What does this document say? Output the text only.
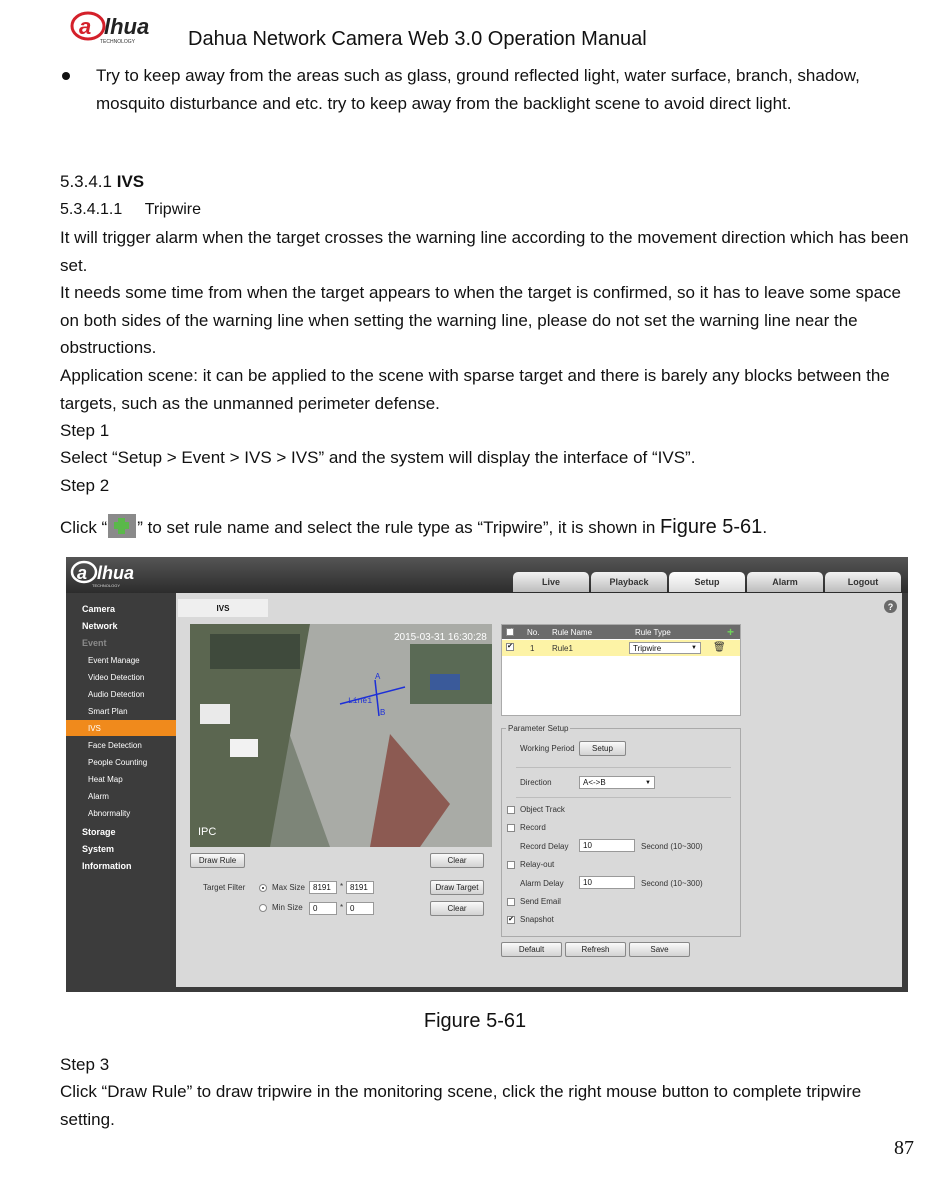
a lhua
TECHNOLOGY	Dahua Network Camera Web 3.0 Operation Manual
Try to keep away from the areas such as glass, ground reflected light, water surface, branch, shadow, mosquito disturbance and etc. try to keep away from the backlight scene to avoid direct light.
5.3.4.1 IVS
5.3.4.1.1 Tripwire
It will trigger alarm when the target crosses the warning line according to the movement direction which has been set.
It needs some time from when the target appears to when the target is confirmed, so it has to leave some space on both sides of the warning line when setting the warning line, please do not set the warning line near the obstructions.
Application scene: it can be applied to the scene with sparse target and there is barely any blocks between the targets, such as the unmanned perimeter defense.
Step 1
Select “Setup > Event > IVS > IVS” and the system will display the interface of “IVS”.
Step 2
Click “ ” to set rule name and select the rule type as “Tripwire”, it is shown in Figure 5-61.
a lhua
TECHNOLOGY	Live	Playback	Setup	Alarm	Logout
Camera
Network
Event
Event Manage
Video Detection
Audio Detection
Smart Plan
IVS
Face Detection
People Counting
Heat Map
Alarm
Abnormality
Storage
System
Information
IVS	?
2015-03-31 16:30:28
IPC
Line1
A
B
Draw Rule	Clear
Target Filter	Max Size	8191	* 8191
Min Size	0	* 0
Draw Target
Clear
✔ No. Rule Name	Rule Type	+
✔ 1 Rule1	Tripwire	▼ 🗑
Parameter Setup
Working Period	Setup
Direction	A<->B	▼
Object Track
Record
Record Delay	10	Second (10~300)
Relay-out
Alarm Delay	10	Second (10~300)
Send Email
✔ Snapshot
Default	Refresh	Save
Figure 5-61
Step 3
Click “Draw Rule” to draw tripwire in the monitoring scene, click the right mouse button to complete tripwire setting.
87
